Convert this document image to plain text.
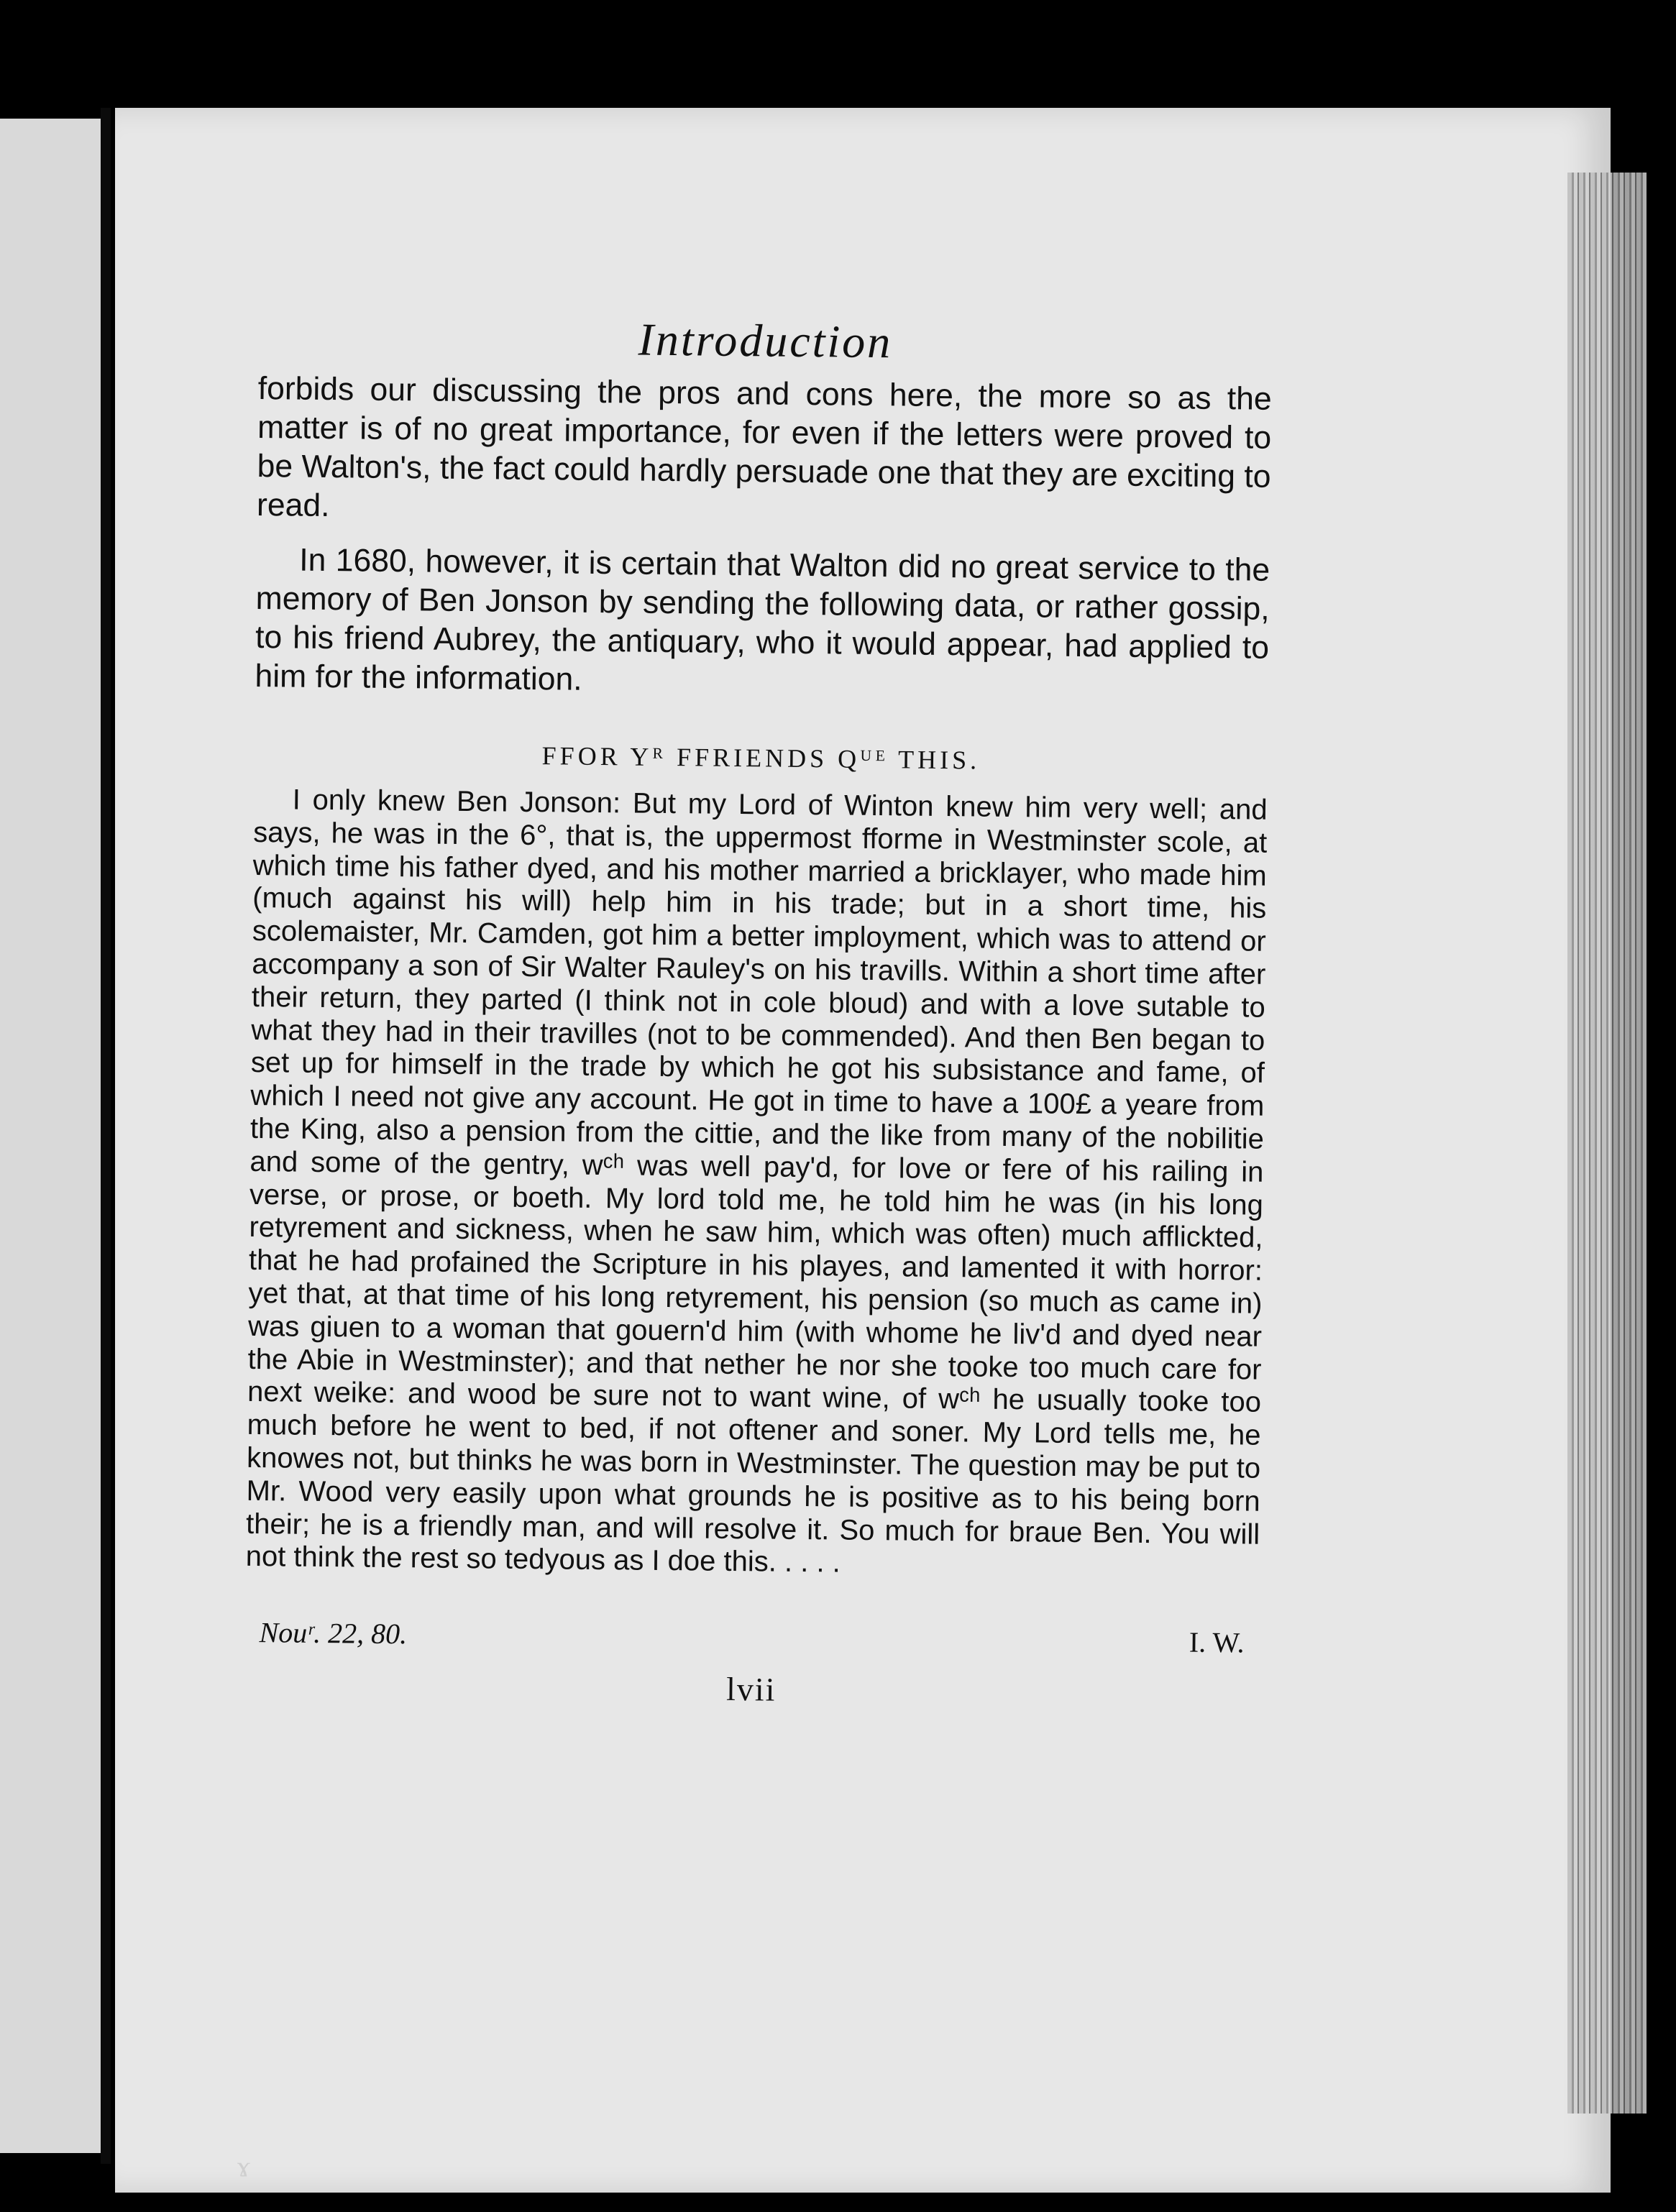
Introduction

forbids our discussing the pros and cons here, the more so as the matter is of no great importance, for even if the letters were proved to be Walton's, the fact could hardly persuade one that they are exciting to read.

In 1680, however, it is certain that Walton did no great service to the memory of Ben Jonson by sending the following data, or rather gossip, to his friend Aubrey, the antiquary, who it would appear, had applied to him for the information.

FFOR Yᴿ FFRIENDS Qᵁᴱ THIS.

I only knew Ben Jonson: But my Lord of Winton knew him very well; and says, he was in the 6°, that is, the uppermost fforme in Westminster scole, at which time his father dyed, and his mother married a bricklayer, who made him (much against his will) help him in his trade; but in a short time, his scolemaister, Mr. Camden, got him a better imployment, which was to attend or accompany a son of Sir Walter Rauley's on his travills. Within a short time after their return, they parted (I think not in cole bloud) and with a love sutable to what they had in their travilles (not to be commended). And then Ben began to set up for himself in the trade by which he got his subsistance and fame, of which I need not give any account. He got in time to have a 100£ a yeare from the King, also a pension from the cittie, and the like from many of the nobilitie and some of the gentry, wᶜʰ was well pay'd, for love or fere of his railing in verse, or prose, or boeth. My lord told me, he told him he was (in his long retyrement and sickness, when he saw him, which was often) much afflickted, that he had profained the Scripture in his playes, and lamented it with horror: yet that, at that time of his long retyrement, his pension (so much as came in) was giuen to a woman that gouern'd him (with whome he liv'd and dyed near the Abie in Westminster); and that nether he nor she tooke too much care for next weike: and wood be sure not to want wine, of wᶜʰ he usually tooke too much before he went to bed, if not oftener and soner. My Lord tells me, he knowes not, but thinks he was born in Westminster. The question may be put to Mr. Wood very easily upon what grounds he is positive as to his being born their; he is a friendly man, and will resolve it. So much for braue Ben. You will not think the rest so tedyous as I doe this. . . . .

Nouʳ. 22, 80.	I. W.
lvii
ɤ
